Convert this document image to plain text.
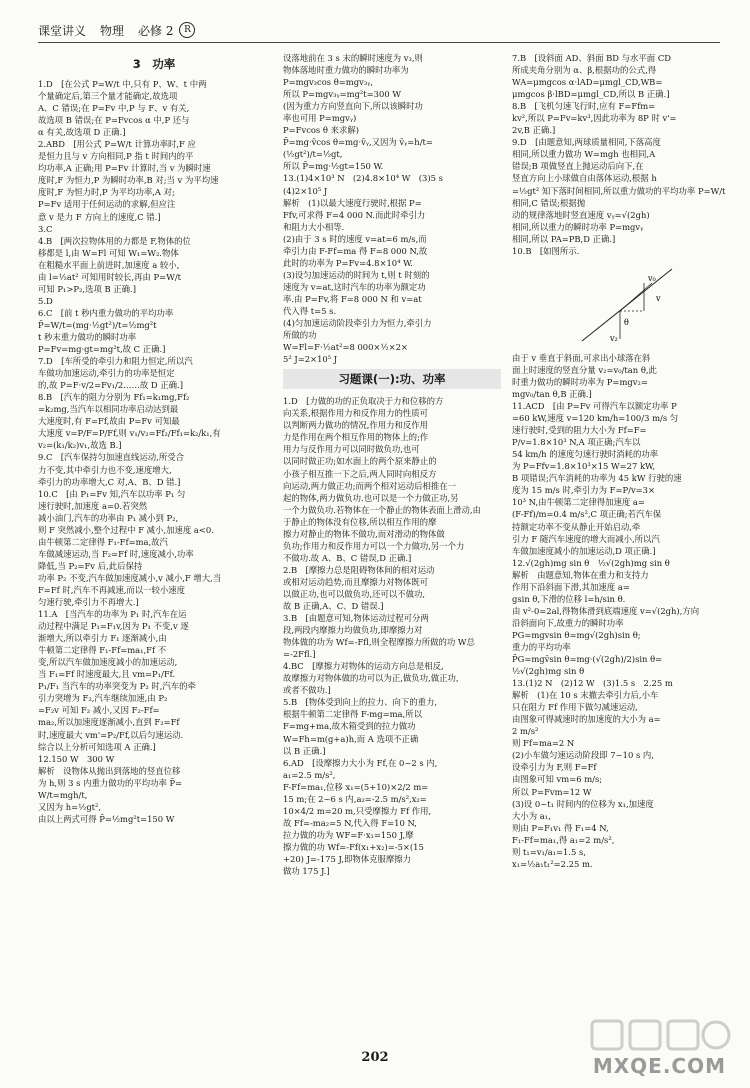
课堂讲义 物理 必修 2	R
3　功率
1.D　[在公式 P=W/t 中,只有 P、W、t 中两
个量确定后,第三个量才能确定,故选项
A、C 错误;在 P=Fv 中,P 与 F、v 有关,
故选项 B 错误;在 P=Fvcos α 中,P 还与
α 有关,故选项 D 正确.]
2.ABD　[用公式 P=W/t 计算功率时,F 应
是恒力且与 v 方向相同,P 指 t 时间内的平
均功率,A 正确;用 P=Fv 计算时,当 v 为瞬时速
度时,F 为恒力,P 为瞬时功率,B 对;当 v 为平均速
度时,F 为恒力时,P 为平均功率,A 对;
P=Fv 适用于任何运动的求解,但应注
意 v 是力 F 方向上的速度,C 错.]
3.C
4.B　[两次拉物体用的力都是 F,物体的位
移都是 l,由 W=Fl 可知 W₁=W₂.物体
在粗糙水平面上前进时,加速度 a 较小,
由 l=½at² 可知用时较长,再由 P=W/t
可知 P₁>P₂,选项 B 正确.]
5.D
6.C　[前 t 秒内重力做功的平均功率
P̄=W/t=(mg·½gt²)/t=½mg²t
t 秒末重力做功的瞬时功率
P=Fv=mg·gt=mg²t,故 C 正确.]
7.D　[车所受的牵引力和阻力恒定,所以汽
车做功加速运动,牵引力的功率是恒定
的,故 P=F·v/2=Fv₁/2……故 D 正确.]
8.B　[汽车的阻力分别为 Ff₁=k₁mg,Ff₂
=k₂mg,当汽车以相同功率启动达到最
大速度时,有 F=Ff,故由 P=Fv 可知最
大速度 v=P/F=P/Ff,则 v₁/v₂=Ff₂/Ff₁=k₂/k₁,有
v₂=(k₁/k₂)v₁,故选 B.]
9.C　[汽车保持匀加速直线运动,所受合
力不变,其中牵引力也不变,速度增大,
牵引力的功率增大,C 对,A、B、D 错.]
10.C　[由 P₁=Fv 知,汽车以功率 P₁ 匀
速行驶时,加速度 a=0.若突然
减小油门,汽车的功率由 P₁ 减小到 P₂,
则 F 突然减小,整个过程中 F 减小,加速度 a<0.
由牛顿第二定律得 F₁-Ff=ma,故汽
车做减速运动,当 F₂=Ff 时,速度减小,功率
降低,当 P₂=Fv 后,此后保持
功率 P₂ 不变,汽车做加速度减小,v 减小,F 增大,当
F=Ff 时,汽车不再减速,而以一较小速度
匀速行驶,牵引力不再增大.]
11.A　[当汽车的功率为 P₁ 时,汽车在运
动过程中满足 P₁=F₁v,因为 P₁ 不变,v 逐
渐增大,所以牵引力 F₁ 逐渐减小,由
牛顿第二定律得 F₁-Ff=ma₁,Ff 不
变,所以汽车做加速度减小的加速运动,
当 F₁=Ff 时速度最大,且 vm=P₁/Ff.
P₁/F₁ 当汽车的功率突变为 P₂ 时,汽车的牵
引力突增为 F₂,汽车继续加速,由 P₂
=F₂v 可知 F₂ 减小,又因 F₂-Ff=
ma₂,所以加速度逐渐减小,直到 F₂=Ff
时,速度最大 vm'=P₂/Ff,以后匀速运动.
综合以上分析可知选项 A 正确.]
12.150 W　300 W
解析　设物体从抛出到落地的竖直位移
为 h,则 3 s 内重力做功的平均功率 P̄=
W/t=mgh/t,
又因为 h=½gt²,
由以上两式可得 P̄=½mg²t=150 W
设落地前在 3 s 末的瞬时速度为 v₃,则
物体落地时重力做功的瞬时功率为
P=mgv₃cos θ=mgv₃ᵧ,
所以 P=mgv₃ᵧ=mg²t=300 W
(因为重力方向竖直向下,所以该瞬时功
率也可用 P=mgvᵧ)
P=Fvcos θ 来求解)
P̄=mg·v̄cos θ=mg·v̄ᵧ,又因为 v̄ᵧ=h/t=
(½gt²)/t=½gt,
所以 P̄=mg·½gt=150 W.
13.(1)4×10³ N　(2)4.8×10⁴ W　(3)5 s
(4)2×10⁵ J
解析　(1)以最大速度行驶时,根据 P=
Ffv,可求得 F=4 000 N.而此时牵引力
和阻力大小相等.
(2)由于 3 s 时的速度 v=at=6 m/s,而
牵引力由 F-Ff=ma 得 F=8 000 N,故
此时的功率为 P=Fv=4.8×10⁴ W.
(3)设匀加速运动的时间为 t,则 t 时刻的
速度为 v=at,这时汽车的功率为额定功
率.由 P=Fv,将 F=8 000 N 和 v=at
代入得 t=5 s.
(4)匀加速运动阶段牵引力为恒力,牵引力
所做的功
W=Fl=F·½at²=8 000×½×2×
5² J=2×10⁵ J
习题课(一):功、功率
1.D　[力做的功的正负取决于力和位移的方
向关系,根据作用力和反作用力的性质可
以判断两力做功的情况,作用力和反作用
力是作用在两个相互作用的物体上的;作
用力与反作用力可以同时做负功,也可
以同时做正功;如水面上的两个原来静止的
小孩子相互推一下之后,两人同时向相反方
向运动,两力做正功;而两个相对运动后相推在一
起的物体,两力做负功.也可以是一个力做正功,另
一个力做负功.若物体在一个静止的物体表面上滑动,由
于静止的物体没有位移,所以相互作用的摩
擦力对静止的物体不做功,而对滑动的物体做
负功;作用力和反作用力可以一个力做功,另一个力
不做功.故 A、B、C 错误,D 正确.]
2.B　[摩擦力总是阻碍物体间的相对运动
或相对运动趋势,而且摩擦力对物体既可
以做正功,也可以做负功,还可以不做功,
故 B 正确,A、C、D 错误.]
3.B　[由题意可知,物体运动过程可分两
段,两段内摩擦力均做负功,即摩擦力对
物体做的功为 Wf=-Ffl,则全程摩擦力所做的功 W总
=-2Ffl.]
4.BC　[摩擦力对物体的运动方向总是相反,
故摩擦力对物体做的功可以为正,做负功,做正功,
或者不做功.]
5.B　[物体受到向上的拉力、向下的重力,
根据牛顿第二定律得 F-mg=ma,所以
F=mg+ma,故木箱受到的拉力做功
W=Fh=m(g+a)h,而 A 选项不正确
以 B 正确.]
6.AD　[设摩擦力大小为 Ff,在 0~2 s 内,
a₁=2.5 m/s²,
F-Ff=ma₁,位移 x₁=(5+10)×2/2 m=
15 m;在 2~6 s 内,a₂=-2.5 m/s²,x₂=
10×4/2 m=20 m,只受摩擦力 Ff 作用,
故 Ff=-ma₂=5 N,代入得 F=10 N,
拉力做的功为 WF=F·x₁=150 J,摩
擦力做的功 Wf=-Ff(x₁+x₂)=-5×(15
+20) J=-175 J,即物体克服摩擦力
做功 175 J.]
7.B　[设斜面 AD、斜面 BD 与水平面 CD
所成夹角分别为 α、β,根据功的公式,得
WA=μmgcos α·lAD=μmgl_CD,WB=
μmgcos β·lBD=μmgl_CD,所以 B 正确.]
8.B　[飞机匀速飞行时,应有 F=Ffm=
kv²,所以 P=Fv=kv³,因此功率为 8P 时 v'=
2v,B 正确.]
9.D　[由题意知,两球质量相同,下落高度
相同,所以重力做功 W=mgh 也相同,A
错误;B 项做竖直上抛运动后向下,在
竖直方向上小球做自由落体运动,根据 h
=½gt² 知下落时间相同,所以重力做功的平均功率 P=W/t
相同,C 错误;根据抛
动的规律落地时竖直速度 vᵧ=√(2gh)
相同,所以重力的瞬时功率 P=mgvᵧ
相同,所以 PA=PB,D 正确.]
10.B　[如图所示.
v₀
v₂
θ
v
由于 v 垂直于斜面,可求出小球落在斜
面上时速度的竖直分量 v₂=v₀/tan θ,此
时重力做功的瞬时功率为 P=mgv₂=
mgv₀/tan θ,B 正确.]
11.ACD　[由 P=Fv 可得汽车以额定功率 P
=60 kW,速度 v=120 km/h=100/3 m/s 匀
速行驶时,受到的阻力大小为 Ff=F=
P/v=1.8×10³ N,A 项正确;汽车以
54 km/h 的速度匀速行驶时消耗的功率
为 P=Ffv=1.8×10³×15 W=27 kW,
B 项错误;汽车消耗的功率为 45 kW 行驶的速
度为 15 m/s 时,牵引力为 F=P/v=3×
10³ N,由牛顿第二定律得加速度 a=
(F-Ff)/m=0.4 m/s²,C 项正确;若汽车保
持额定功率不变从静止开始启动,牵
引力 F 随汽车速度的增大而减小,所以汽
车做加速度减小的加速运动,D 项正确.]
12.√(2gh)mg sin θ　½√(2gh)mg sin θ
解析　由题意知,物体在重力和支持力
作用下沿斜面下滑,其加速度 a=
gsin θ,下滑的位移 l=h/sin θ.
由 v²-0=2al,得物体滑到底端速度 v=√(2gh),方向
沿斜面向下,故重力的瞬时功率
PG=mgvsin θ=mg√(2gh)sin θ;
重力的平均功率
P̄G=mgv̄sin θ=mg·(√(2gh)/2)sin θ=
½√(2gh)mg sin θ
13.(1)2 N　(2)12 W　(3)1.5 s　2.25 m
解析　(1)在 10 s 末撤去牵引力后,小车
只在阻力 Ff 作用下做匀减速运动,
由图象可得减速时的加速度的大小为 a=
2 m/s²
则 Ff=ma=2 N
(2)小车做匀速运动阶段即 7~10 s 内,
设牵引力为 F,则 F=Ff
由图象可知 vm=6 m/s;
所以 P=Fvm=12 W
(3)设 0~t₁ 时间内的位移为 x₁,加速度
大小为 a₁,
则由 P=F₁v₁ 得 F₁=4 N,
F₁-Ff=ma₁,得 a₁=2 m/s²,
则 t₁=v₁/a₁=1.5 s,
x₁=½a₁t₁²=2.25 m.
202	MXQE.COM
